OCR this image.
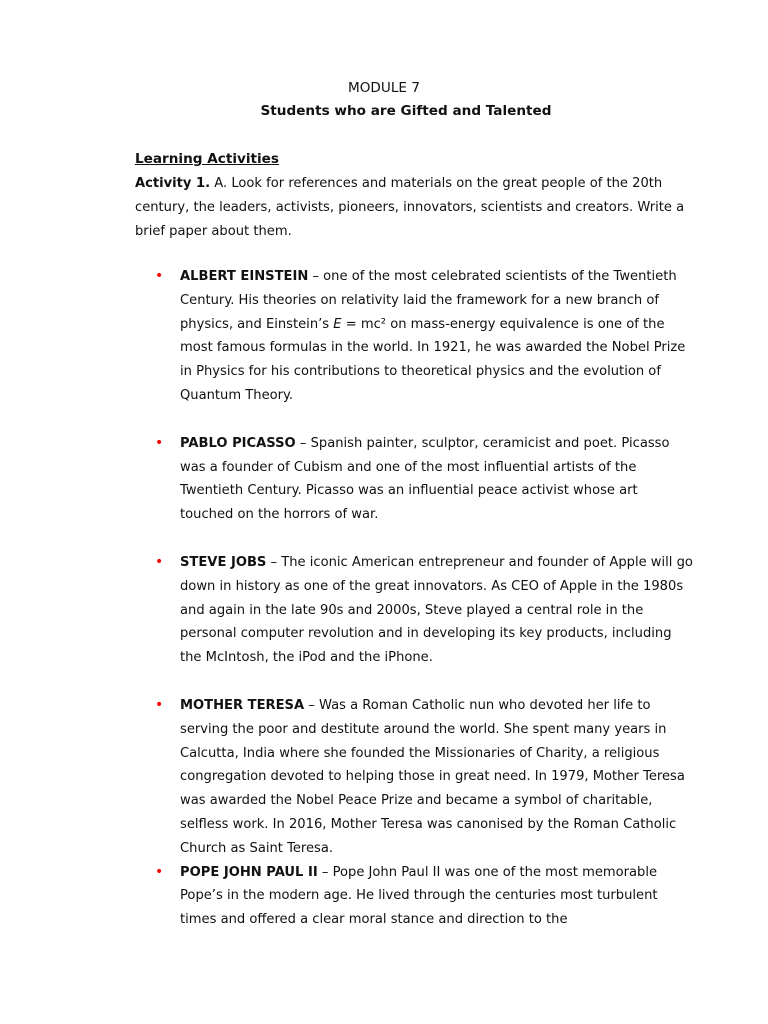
MODULE 7
Students who are Gifted and Talented
Learning Activities
Activity 1. A. Look for references and materials on the great people of the 20th century, the leaders, activists, pioneers, innovators, scientists and creators. Write a brief paper about them.
• ALBERT EINSTEIN – one of the most celebrated scientists of the Twentieth Century. His theories on relativity laid the framework for a new branch of physics, and Einstein’s E = mc² on mass-energy equivalence is one of the most famous formulas in the world. In 1921, he was awarded the Nobel Prize in Physics for his contributions to theoretical physics and the evolution of Quantum Theory.
• PABLO PICASSO – Spanish painter, sculptor, ceramicist and poet. Picasso was a founder of Cubism and one of the most influential artists of the Twentieth Century. Picasso was an influential peace activist whose art touched on the horrors of war.
• STEVE JOBS – The iconic American entrepreneur and founder of Apple will go down in history as one of the great innovators. As CEO of Apple in the 1980s and again in the late 90s and 2000s, Steve played a central role in the personal computer revolution and in developing its key products, including the McIntosh, the iPod and the iPhone.
• MOTHER TERESA – Was a Roman Catholic nun who devoted her life to serving the poor and destitute around the world. She spent many years in Calcutta, India where she founded the Missionaries of Charity, a religious congregation devoted to helping those in great need. In 1979, Mother Teresa was awarded the Nobel Peace Prize and became a symbol of charitable, selfless work. In 2016, Mother Teresa was canonised by the Roman Catholic Church as Saint Teresa.
• POPE JOHN PAUL II – Pope John Paul II was one of the most memorable Pope’s in the modern age. He lived through the centuries most turbulent times and offered a clear moral stance and direction to the
